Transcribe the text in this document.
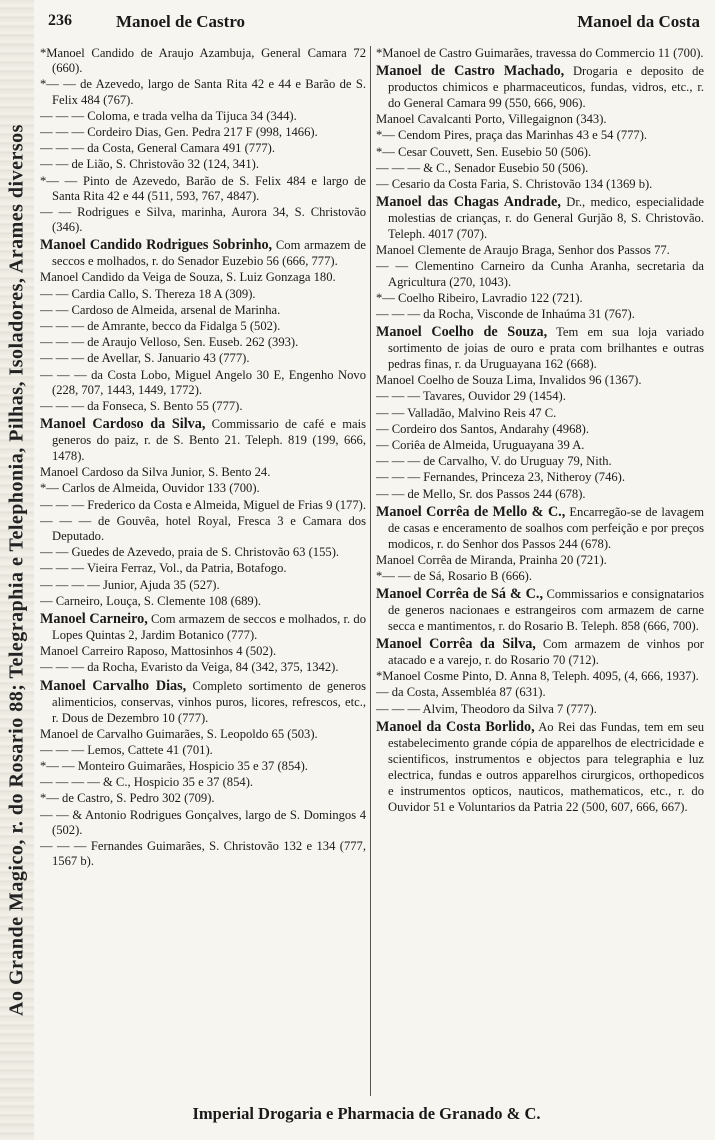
Ao Grande Magico, r. do Rosario 88; Telegraphia e Telephonia, Pilhas, Isoladores, Arames diversos
236	Manoel de Castro	Manoel da Costa

*Manoel Candido de Araujo Azambuja, General Camara 72 (660).

*— — de Azevedo, largo de Santa Rita 42 e 44 e Barão de S. Felix 484 (767).

— — — Coloma, e trada velha da Tijuca 34 (344).

— — — Cordeiro Dias, Gen. Pedra 217 F (998, 1466).

— — — da Costa, General Camara 491 (777).

— — de Lião, S. Christovão 32 (124, 341).

*— — Pinto de Azevedo, Barão de S. Felix 484 e largo de Santa Rita 42 e 44 (511, 593, 767, 4847).

— — Rodrigues e Silva, marinha, Aurora 34, S. Christovão (346).

Manoel Candido Rodrigues Sobrinho, Com armazem de seccos e molhados, r. do Senador Euzebio 56 (666, 777).

Manoel Candido da Veiga de Souza, S. Luiz Gonzaga 180.

— — Cardia Callo, S. Thereza 18 A (309).

— — Cardoso de Almeida, arsenal de Marinha.

— — — de Amrante, becco da Fidalga 5 (502).

— — — de Araujo Velloso, Sen. Euseb. 262 (393).

— — — de Avellar, S. Januario 43 (777).

— — — da Costa Lobo, Miguel Angelo 30 E, Engenho Novo (228, 707, 1443, 1449, 1772).

— — — da Fonseca, S. Bento 55 (777).

Manoel Cardoso da Silva, Commissario de café e mais generos do paiz, r. de S. Bento 21. Teleph. 819 (199, 666, 1478).

Manoel Cardoso da Silva Junior, S. Bento 24.

*— Carlos de Almeida, Ouvidor 133 (700).

— — — Frederico da Costa e Almeida, Miguel de Frias 9 (177).

— — — de Gouvêa, hotel Royal, Fresca 3 e Camara dos Deputado.

— — Guedes de Azevedo, praia de S. Christovão 63 (155).

— — — Vieira Ferraz, Vol., da Patria, Botafogo.

— — — — Junior, Ajuda 35 (527).

— Carneiro, Louça, S. Clemente 108 (689).

Manoel Carneiro, Com armazem de seccos e molhados, r. do Lopes Quintas 2, Jardim Botanico (777).

Manoel Carreiro Raposo, Mattosinhos 4 (502).

— — — da Rocha, Evaristo da Veiga, 84 (342, 375, 1342).

Manoel Carvalho Dias, Completo sortimento de generos alimenticios, conservas, vinhos puros, licores, refrescos, etc., r. Dous de Dezembro 10 (777).

Manoel de Carvalho Guimarães, S. Leopoldo 65 (503).

— — — Lemos, Cattete 41 (701).

*— — Monteiro Guimarães, Hospicio 35 e 37 (854).

— — — — & C., Hospicio 35 e 37 (854).

*— de Castro, S. Pedro 302 (709).

— — & Antonio Rodrigues Gonçalves, largo de S. Domingos 4 (502).

— — — Fernandes Guimarães, S. Christovão 132 e 134 (777, 1567 b).

*Manoel de Castro Guimarães, travessa do Commercio 11 (700).

Manoel de Castro Machado, Drogaria e deposito de productos chimicos e pharmaceuticos, fundas, vidros, etc., r. do General Camara 99 (550, 666, 906).

Manoel Cavalcanti Porto, Villegaignon (343).

*— Cendom Pires, praça das Marinhas 43 e 54 (777).

*— Cesar Couvett, Sen. Eusebio 50 (506).

— — — & C., Senador Eusebio 50 (506).

— Cesario da Costa Faria, S. Christovão 134 (1369 b).

Manoel das Chagas Andrade, Dr., medico, especialidade molestias de crianças, r. do General Gurjão 8, S. Christovão. Teleph. 4017 (707).

Manoel Clemente de Araujo Braga, Senhor dos Passos 77.

— — Clementino Carneiro da Cunha Aranha, secretaria da Agricultura (270, 1043).

*— Coelho Ribeiro, Lavradio 122 (721).

— — — da Rocha, Visconde de Inhaúma 31 (767).

Manoel Coelho de Souza, Tem em sua loja variado sortimento de joias de ouro e prata com brilhantes e outras pedras finas, r. da Uruguayana 162 (668).

Manoel Coelho de Souza Lima, Invalidos 96 (1367).

— — — Tavares, Ouvidor 29 (1454).

— — Valladão, Malvino Reis 47 C.

— Cordeiro dos Santos, Andarahy (4968).

— Coriêa de Almeida, Uruguayana 39 A.

— — — de Carvalho, V. do Uruguay 79, Nith.

— — — Fernandes, Princeza 23, Nitheroy (746).

— — de Mello, Sr. dos Passos 244 (678).

Manoel Corrêa de Mello & C., Encarregão-se de lavagem de casas e enceramento de soalhos com perfeição e por preços modicos, r. do Senhor dos Passos 244 (678).

Manoel Corrêa de Miranda, Prainha 20 (721).

*— — de Sá, Rosario B (666).

Manoel Corrêa de Sá & C., Commissarios e consignatarios de generos nacionaes e estrangeiros com armazem de carne secca e mantimentos, r. do Rosario B. Teleph. 858 (666, 700).

Manoel Corrêa da Silva, Com armazem de vinhos por atacado e a varejo, r. do Rosario 70 (712).

*Manoel Cosme Pinto, D. Anna 8, Teleph. 4095, (4, 666, 1937).

— da Costa, Assembléa 87 (631).

— — — Alvim, Theodoro da Silva 7 (777).

Manoel da Costa Borlido, Ao Rei das Fundas, tem em seu estabelecimento grande cópia de apparelhos de electricidade e scientificos, instrumentos e objectos para telegraphia e luz electrica, fundas e outros apparelhos cirurgicos, orthopedicos e instrumentos opticos, nauticos, mathematicos, etc., r. do Ouvidor 51 e Voluntarios da Patria 22 (500, 607, 666, 667).

Imperial Drogaria e Pharmacia de Granado & C.
